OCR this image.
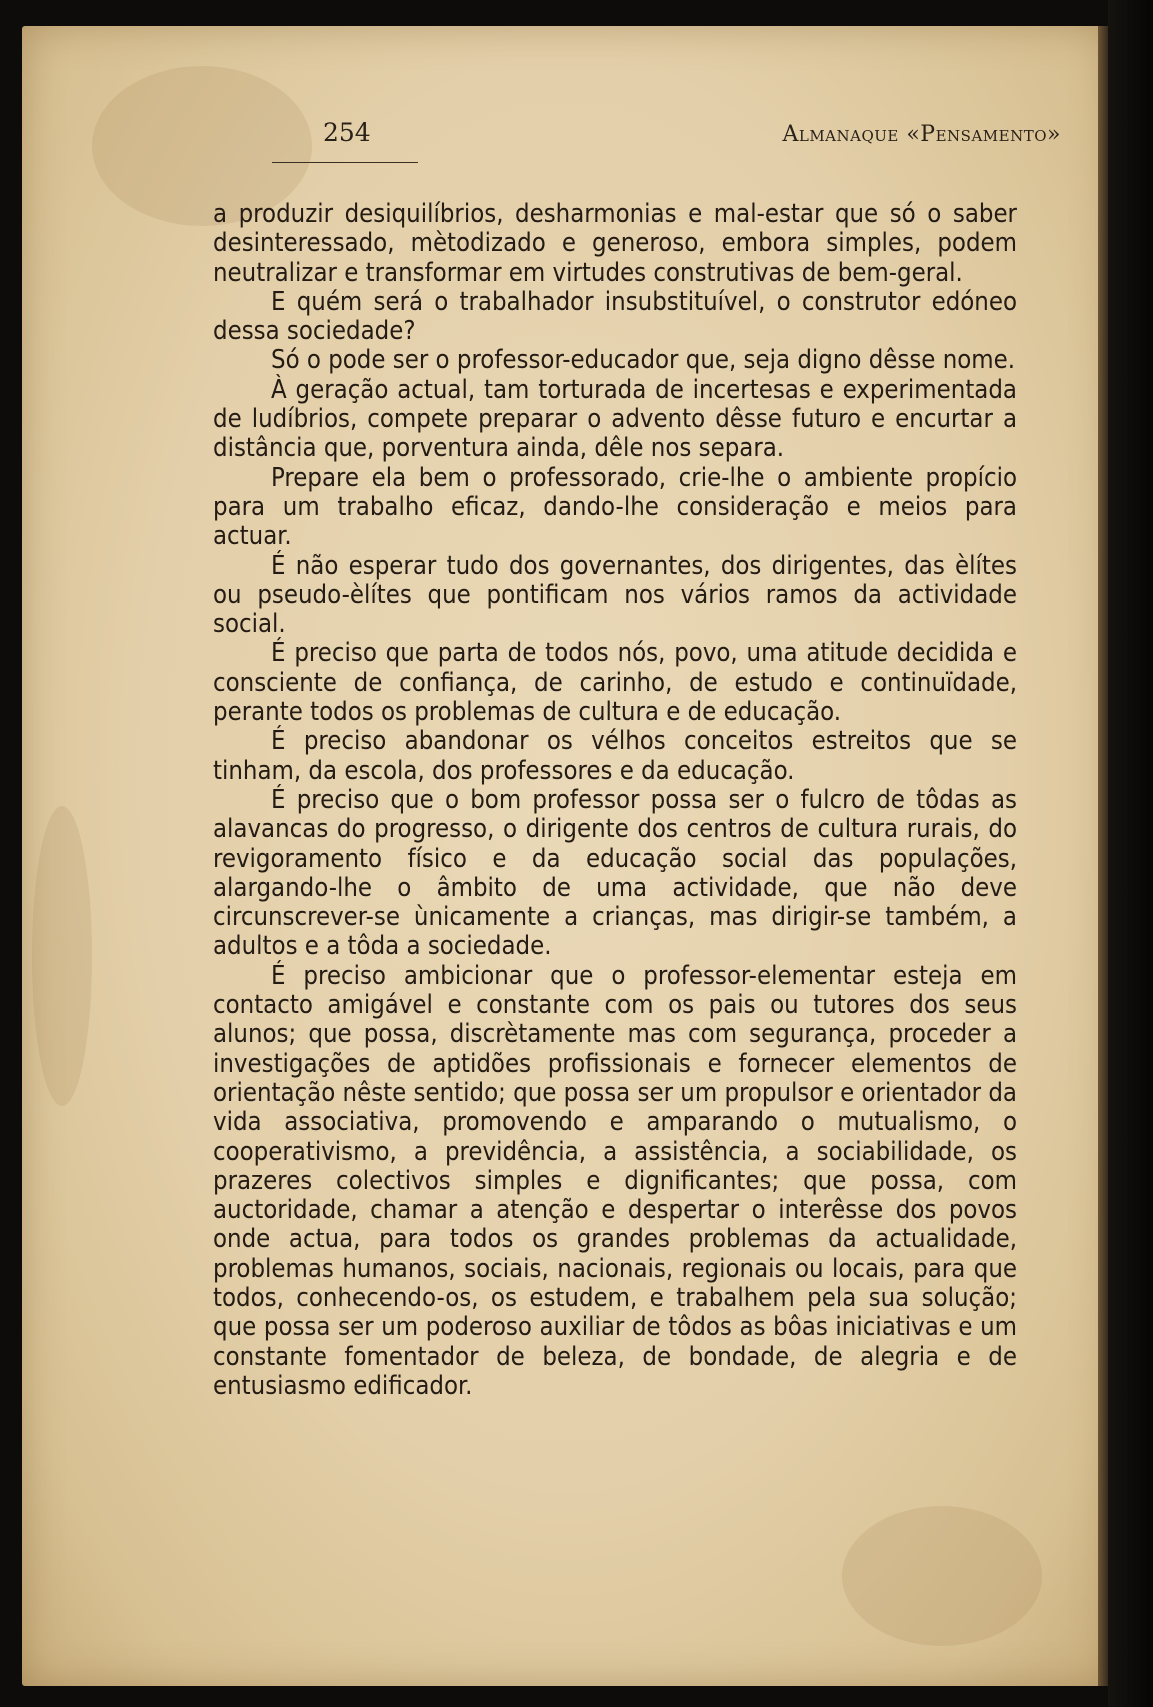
254	Almanaque «Pensamento»

a produzir desiquilíbrios, desharmonias e mal-estar que só o saber desinteressado, mètodizado e generoso, embora simples, podem neutralizar e transformar em virtudes construtivas de bem-geral.

E quém será o trabalhador insubstituível, o construtor edóneo dessa sociedade?

Só o pode ser o professor-educador que, seja digno dêsse nome.

À geração actual, tam torturada de incertesas e experimentada de ludíbrios, compete preparar o advento dêsse futuro e encurtar a distância que, porventura ainda, dêle nos separa.

Prepare ela bem o professorado, crie-lhe o ambiente propício para um trabalho eficaz, dando-lhe consideração e meios para actuar.

É não esperar tudo dos governantes, dos dirigentes, das èlítes ou pseudo-èlítes que pontificam nos vários ramos da actividade social.

É preciso que parta de todos nós, povo, uma atitude decidida e consciente de confiança, de carinho, de estudo e continuïdade, perante todos os problemas de cultura e de educação.

É preciso abandonar os vélhos conceitos estreitos que se tinham, da escola, dos professores e da educação.

É preciso que o bom professor possa ser o fulcro de tôdas as alavancas do progresso, o dirigente dos centros de cultura rurais, do revigoramento físico e da educação social das populações, alargando-lhe o âmbito de uma actividade, que não deve circunscrever-se ùnicamente a crianças, mas dirigir-se também, a adultos e a tôda a sociedade.

É preciso ambicionar que o professor-elementar esteja em contacto amigável e constante com os pais ou tutores dos seus alunos; que possa, discrètamente mas com segurança, proceder a investigações de aptidões profissionais e fornecer elementos de orientação nêste sentido; que possa ser um propulsor e orientador da vida associativa, promovendo e amparando o mutualismo, o cooperativismo, a previdência, a assistência, a sociabilidade, os prazeres colectivos simples e dignificantes; que possa, com auctoridade, chamar a atenção e despertar o interêsse dos povos onde actua, para todos os grandes problemas da actualidade, problemas humanos, sociais, nacionais, regionais ou locais, para que todos, conhecendo-os, os estudem, e trabalhem pela sua solução; que possa ser um poderoso auxiliar de tôdos as bôas iniciativas e um constante fomentador de beleza, de bondade, de alegria e de entusiasmo edificador.
